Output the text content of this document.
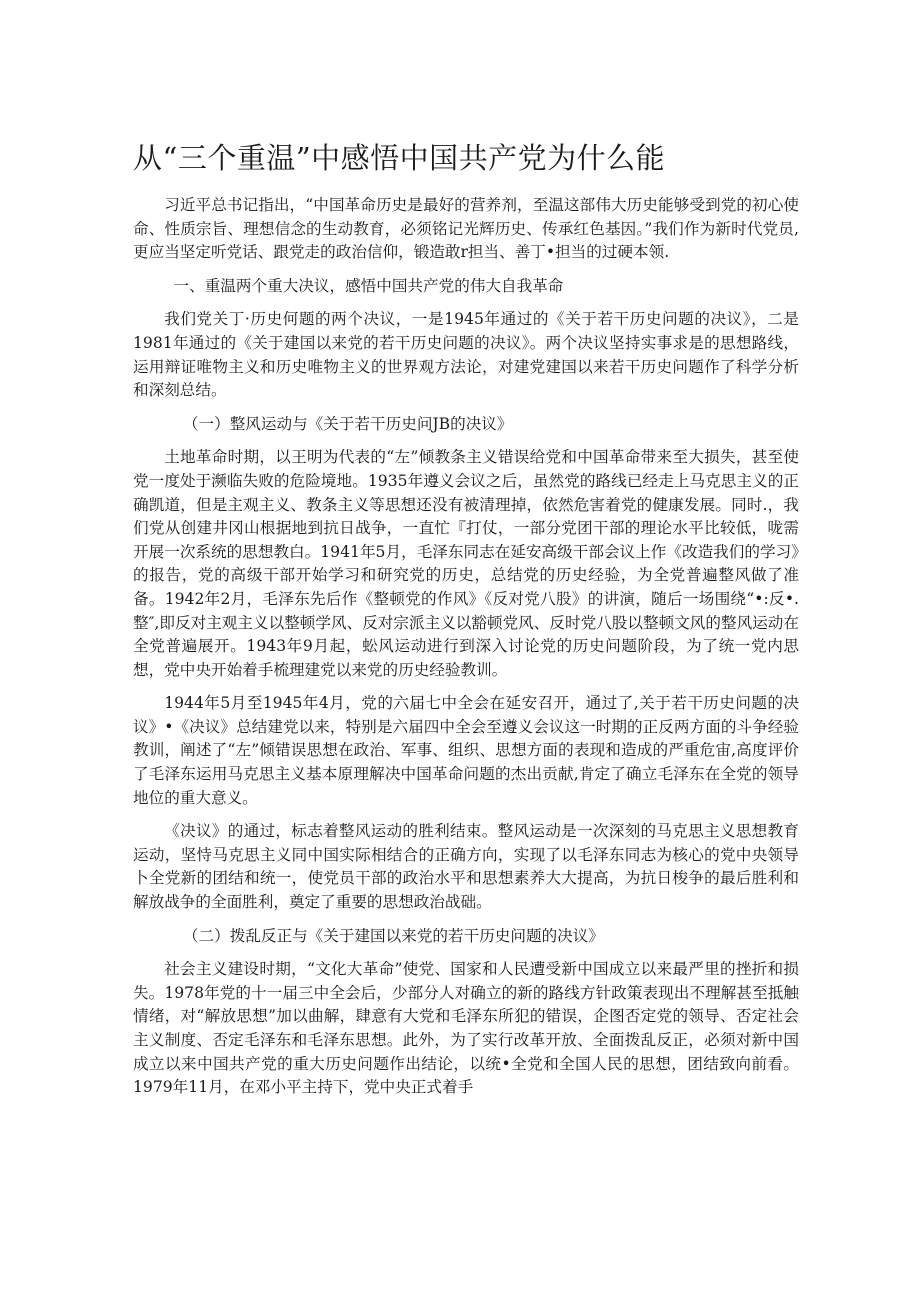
从“三个重温”中感悟中国共产党为什么能

习近平总书记指出，“中国革命历史是最好的营养剂，至温这部伟大历史能够受到党的初心使命、性质宗旨、理想信念的生动教育，必须铭记光辉历史、传承红色基因。”我们作为新时代党员,更应当坚定听党话、跟党走的政治信仰，锻造敢r担当、善丁•担当的过硬本领.

一、重温两个重大决议，感悟中国共产党的伟大自我革命

我们党关丁·历史何题的两个决议，一是1945年通过的《关于若干历史问题的决议》，二是1981年通过的《关于建国以来党的若干历史问题的决议》。两个决议坚持实事求是的思想路线，运用辩证唯物主义和历史唯物主义的世界观方法论，对建党建国以来若干历史问题作了科学分析和深刻总结。

（一）整风运动与《关于若干历史问JB的决议》

土地革命时期，以王明为代表的“左”倾教条主义错误给党和中国革命带来至大损失，甚至使党一度处于濒临失败的危险境地。1935年遵义会议之后，虽然党的路线已经走上马克思主义的正确凯道，但是主观主义、教条主义等思想还没有被清理掉，依然危害着党的健康发展。同时.，我们党从创建井冈山根据地到抗日战争，一直忙『打仗，一部分党团干部的理论水平比较低，咙需开展一次系统的思想教白。1941年5月，毛泽东同志在延安高级干部会议上作《改造我们的学习》的报告，党的高级干部开始学习和研究党的历史，总结党的历史经验，为全党普遍整风做了准备。1942年2月，毛泽东先后作《整顿党的作风》《反对党八股》的讲演，随后一场围绕“•:反•.整″,即反对主观主义以整顿学风、反对宗派主义以豁顿党风、反时党八股以整顿文风的整风运动在全党普遍展开。1943年9月起，蚣风运动进行到深入讨论党的历史问题阶段，为了统一党内思想，党中央开始着手梳理建党以来党的历史经验教训。

1944年5月至1945年4月，党的六届七中全会在延安召开，通过了,关于若干历史问题的决议》•《决议》总结建党以来，特别是六届四中全会至遵义会议这一时期的正反两方面的斗争经验教训，阐述了“左”倾错误思想在政治、军事、组织、思想方面的表现和造成的严重危宙,高度评价了毛泽东运用马克思主义基本原理解决中国革命问题的杰出贡献,肯定了确立毛泽东在全党的领导地位的重大意义。

《决议》的通过，标志着整风运动的胜利结束。整风运动是一次深刻的马克思主义思想教育运动，坚恃马克思主义同中国实际相结合的正确方向，实现了以毛泽东同志为核心的党中央领导卜全党新的团结和统一，使党员干部的政治水平和思想素养大大提高，为抗日梭争的最后胜利和解放战争的全面胜利，奠定了重要的思想政治战础。

（二）拨乱反正与《关于建国以来党的若干历史问题的决议》

社会主义建设时期，“文化大革命”使党、国家和人民遭受新中国成立以来最严里的挫折和损失。1978年党的十一届三中全会后，少部分人对确立的新的路线方针政策表现出不理解甚至抵触情绪，对“解放思想”加以曲解，肆意有大党和毛泽东所犯的错误，企图否定党的领导、否定社会主义制度、否定毛泽东和毛泽东思想。此外，为了实行改革开放、全面拨乱反正，必须对新中国成立以来中国共产党的重大历史问题作出结论，以统•全党和全国人民的思想，团结致向前看。1979年11月，在邓小平主持下，党中央正式着手
